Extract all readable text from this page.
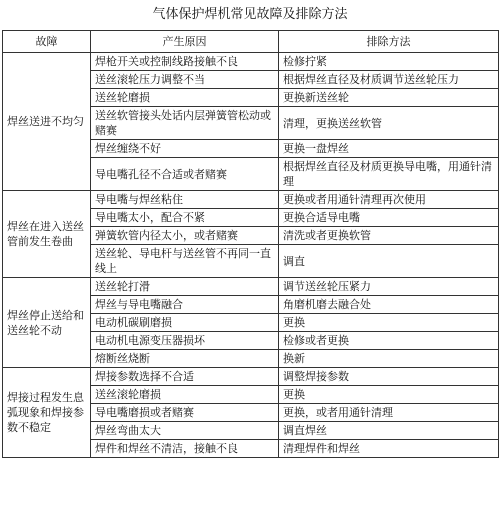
气体保护焊机常见故障及排除方法
故障	产生原因	排除方法
焊丝送进不均匀	焊枪开关或控制线路接触不良	检修拧紧
	送丝滚轮压力调整不当	根据焊丝直径及材质调节送丝轮压力
	送丝轮磨损	更换新送丝轮
	送丝软管接头处话内层弹簧管松动或赌赛	清理，更换送丝软管
	焊丝缠绕不好	更换一盘焊丝
	导电嘴孔径不合适或者赌赛	根据焊丝直径及材质更换导电嘴，用通针清理
焊丝在进入送丝管前发生卷曲	导电嘴与焊丝粘住	更换或者用通针清理再次使用
	导电嘴太小，配合不紧	更换合适导电嘴
	弹簧软管内径太小，或者赌赛	清洗或者更换软管
	送丝轮、导电杆与送丝管不再同一直线上	调直
焊丝停止送给和送丝轮不动	送丝轮打滑	调节送丝轮压紧力
	焊丝与导电嘴融合	角磨机磨去融合处
	电动机碳刷磨损	更换
	电动机电源变压器损坏	检修或者更换
	熔断丝烧断	换新
焊接过程发生息弧现象和焊接参数不稳定	焊接参数选择不合适	调整焊接参数
	送丝滚轮磨损	更换
	导电嘴磨损或者赌赛	更换，或者用通针清理
	焊丝弯曲太大	调直焊丝
	焊件和焊丝不清洁，接触不良	清理焊件和焊丝
